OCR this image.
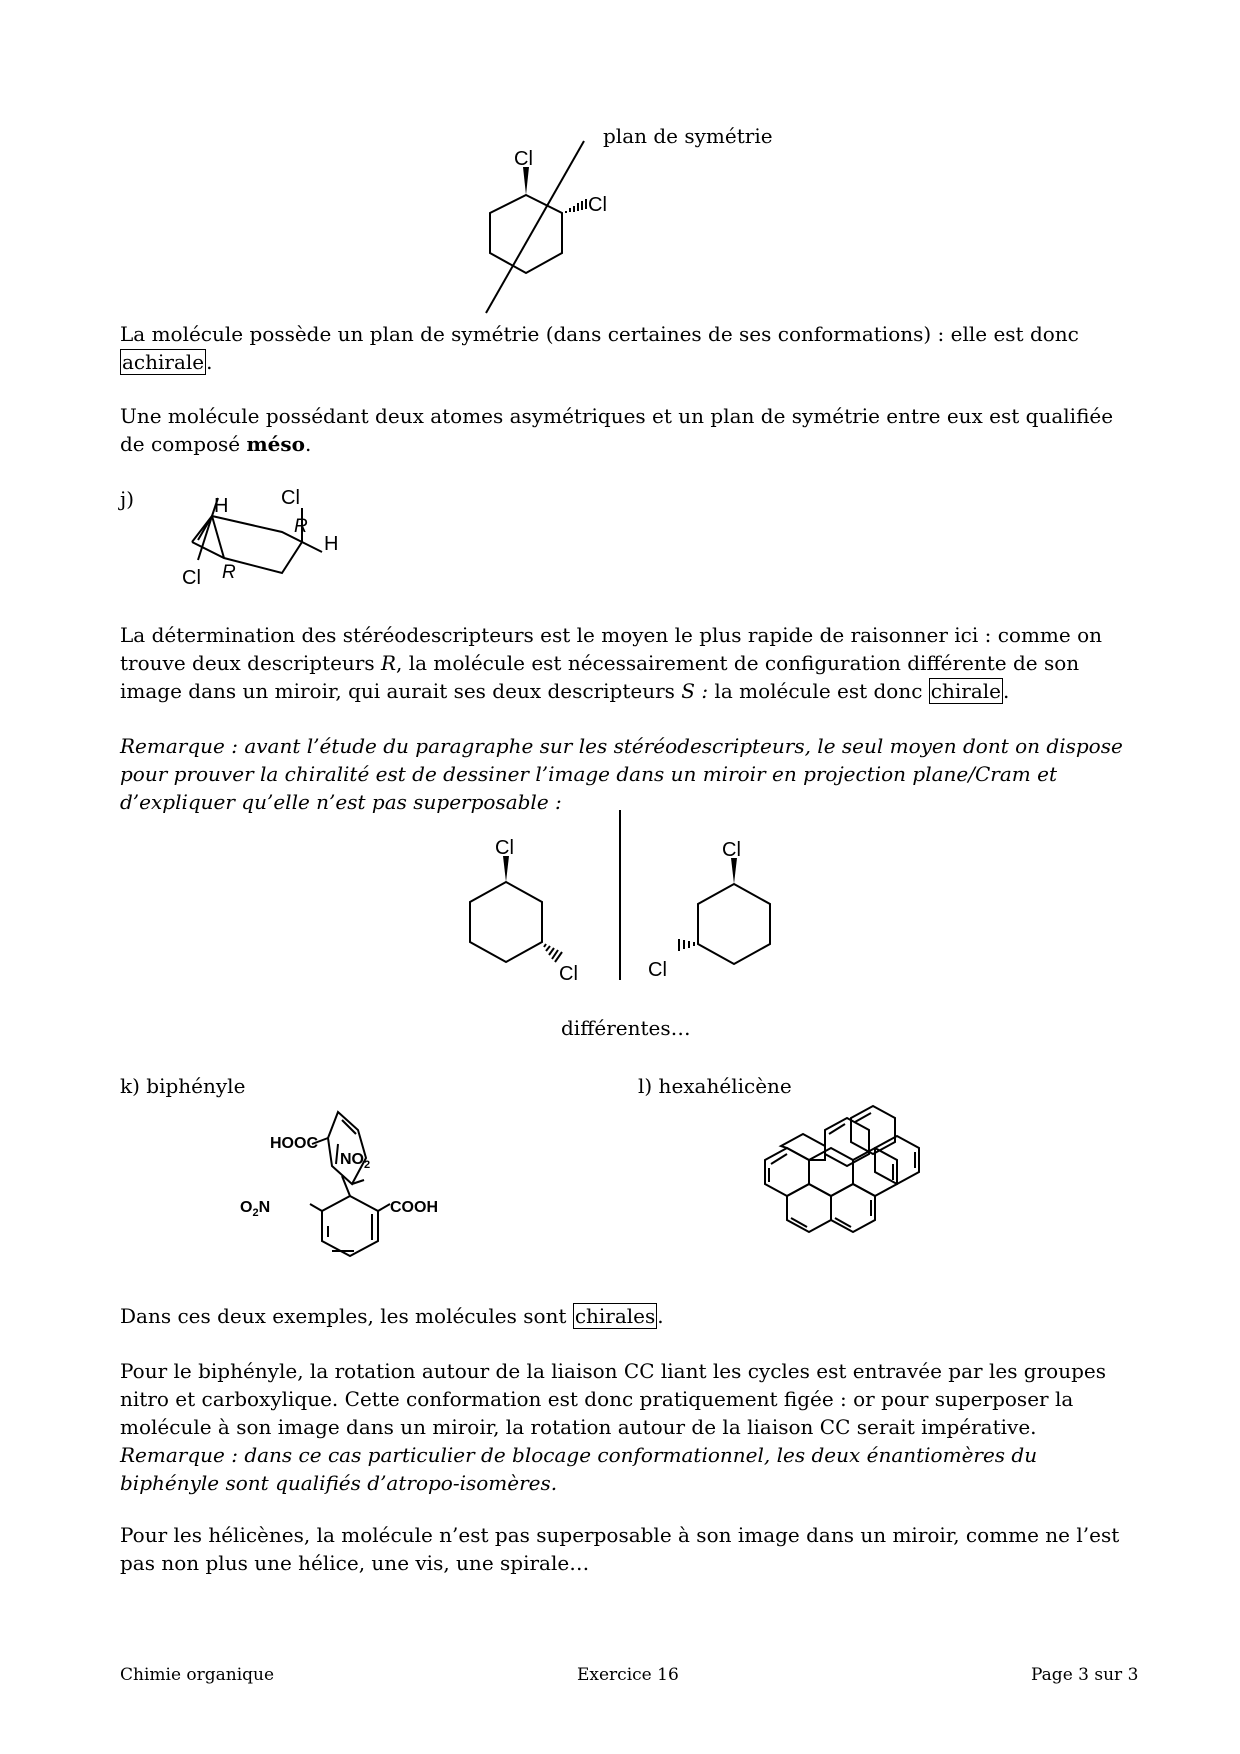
plan de symétrie
Cl
Cl

La molécule possède un plan de symétrie (dans certaines de ses conformations) : elle est donc achirale .

Une molécule possédant deux atomes asymétriques et un plan de symétrie entre eux est qualifiée de composé méso.

j)	Cl
H
R
H
Cl R

La détermination des stéréodescripteurs est le moyen le plus rapide de raisonner ici : comme on trouve deux descripteurs R, la molécule est nécessairement de configuration différente de son image dans un miroir, qui aurait ses deux descripteurs S : la molécule est donc chirale .

Remarque : avant l’étude du paragraphe sur les stéréodescripteurs, le seul moyen dont on dispose pour prouver la chiralité est de dessiner l’image dans un miroir en projection plane/Cram et d’expliquer qu’elle n’est pas superposable :

Cl
Cl
Cl
Cl
différentes…
k) biphényle	l) hexahélicène
HOOC
$NO_2$
$O_2N$	COOH

Dans ces deux exemples, les molécules sont chirales .

Pour le biphényle, la rotation autour de la liaison CC liant les cycles est entravée par les groupes nitro et carboxylique. Cette conformation est donc pratiquement figée : or pour superposer la molécule à son image dans un miroir, la rotation autour de la liaison CC serait impérative.

Remarque : dans ce cas particulier de blocage conformationnel, les deux énantiomères du biphényle sont qualifiés d’atropo-isomères.

Pour les hélicènes, la molécule n’est pas superposable à son image dans un miroir, comme ne l’est pas non plus une hélice, une vis, une spirale…

Chimie organique	Exercice 16	Page 3 sur 3
